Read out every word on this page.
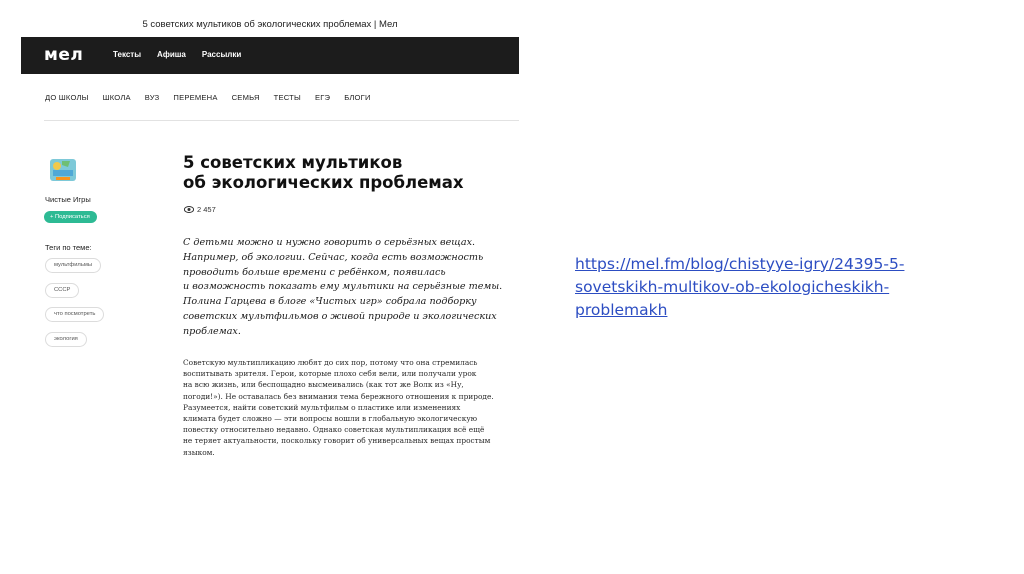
5 советских мультиков об экологических проблемах | Мел
мел	Тексты Афиша Рассылки
ДО ШКОЛЫ ШКОЛА ВУЗ ПЕРЕМЕНА СЕМЬЯ ТЕСТЫ ЕГЭ БЛОГИ
Чистые Игры
+ Подписаться
Теги по теме:
мультфильмы
СССР
что посмотреть
экология
5 советских мультиков
об экологических проблемах
2 457
С детьми можно и нужно говорить о серьёзных вещах.
Например, об экологии. Сейчас, когда есть возможность
проводить больше времени с ребёнком, появилась
и возможность показать ему мультики на серьёзные темы.
Полина Гарцева в блоге «Чистых игр» собрала подборку
советских мультфильмов о живой природе и экологических
проблемах.
Советскую мультипликацию любят до сих пор, потому что она стремилась
воспитывать зрителя. Герои, которые плохо себя вели, или получали урок
на всю жизнь, или беспощадно высмеивались (как тот же Волк из «Ну,
погоди!»). Не оставалась без внимания тема бережного отношения к природе.
Разумеется, найти советский мультфильм о пластике или изменениях
климата будет сложно — эти вопросы вошли в глобальную экологическую
повестку относительно недавно. Однако советская мультипликация всё ещё
не теряет актуальности, поскольку говорит об универсальных вещах простым
языком.
https://mel.fm/blog/chistyye-igry/24395-5-
sovetskikh-multikov-ob-ekologicheskikh-
problemakh
